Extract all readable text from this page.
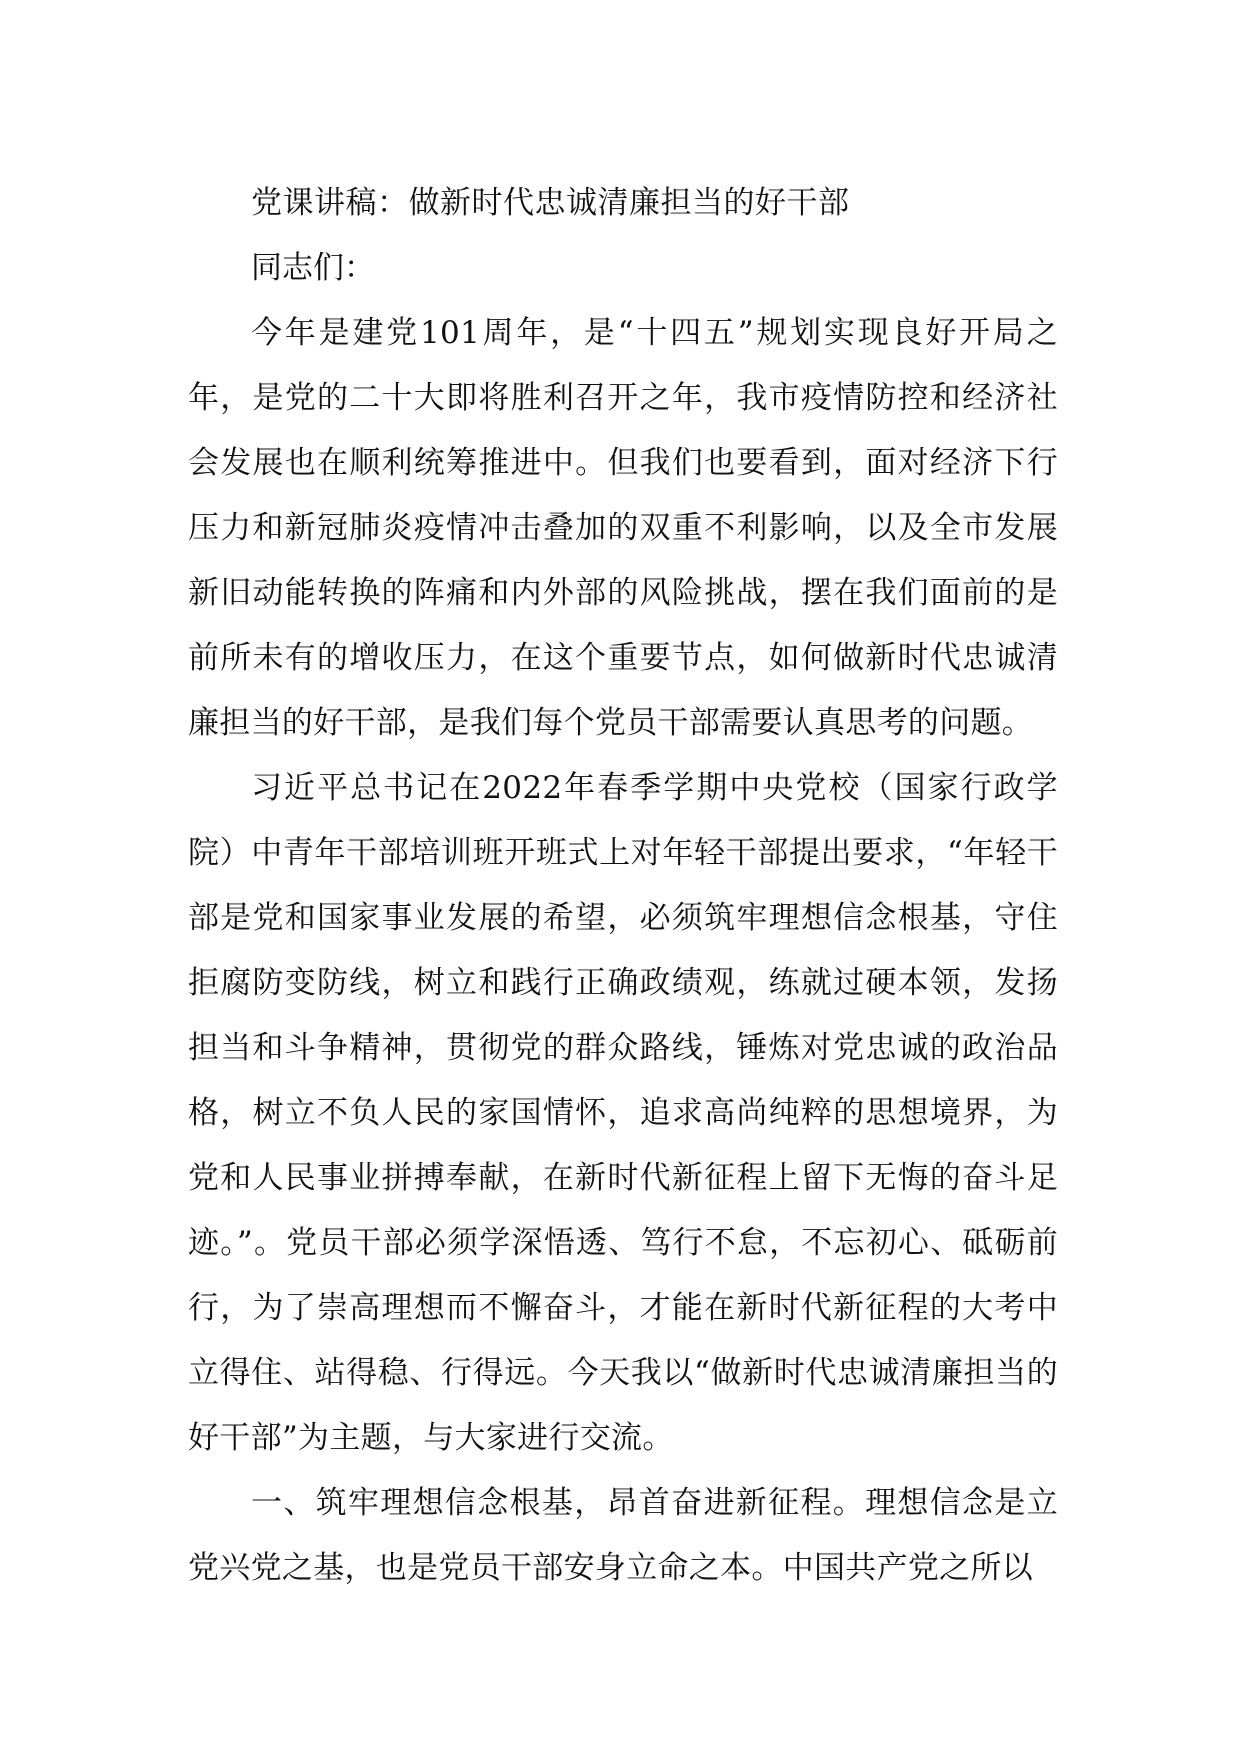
党课讲稿：做新时代忠诚清廉担当的好干部

同志们：

今年是建党101周年，是“十四五”规划实现良好开局之年，是党的二十大即将胜利召开之年，我市疫情防控和经济社会发展也在顺利统筹推进中。但我们也要看到，面对经济下行压力和新冠肺炎疫情冲击叠加的双重不利影响，以及全市发展新旧动能转换的阵痛和内外部的风险挑战，摆在我们面前的是前所未有的增收压力，在这个重要节点，如何做新时代忠诚清廉担当的好干部，是我们每个党员干部需要认真思考的问题。

习近平总书记在2022年春季学期中央党校（国家行政学院）中青年干部培训班开班式上对年轻干部提出要求，“年轻干部是党和国家事业发展的希望，必须筑牢理想信念根基，守住拒腐防变防线，树立和践行正确政绩观，练就过硬本领，发扬担当和斗争精神，贯彻党的群众路线，锤炼对党忠诚的政治品格，树立不负人民的家国情怀，追求高尚纯粹的思想境界，为党和人民事业拼搏奉献，在新时代新征程上留下无悔的奋斗足迹。”。党员干部必须学深悟透、笃行不怠，不忘初心、砥砺前行，为了崇高理想而不懈奋斗，才能在新时代新征程的大考中立得住、站得稳、行得远。今天我以“做新时代忠诚清廉担当的好干部”为主题，与大家进行交流。

一、筑牢理想信念根基，昂首奋进新征程。理想信念是立党兴党之基，也是党员干部安身立命之本。中国共产党之所以
